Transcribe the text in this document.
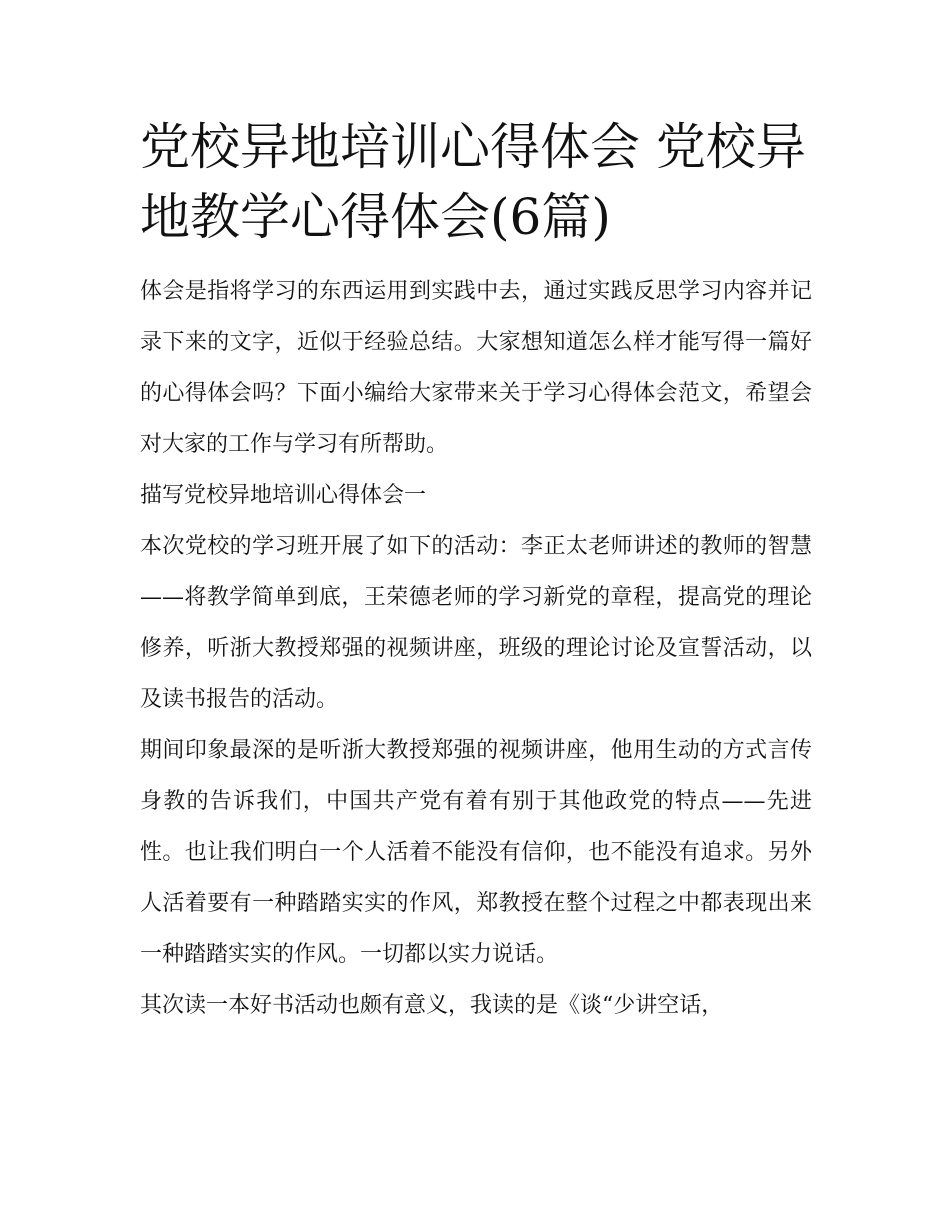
党校异地培训心得体会 党校异地教学心得体会(6篇)

体会是指将学习的东西运用到实践中去，通过实践反思学习内容并记录下来的文字，近似于经验总结。大家想知道怎么样才能写得一篇好的心得体会吗？下面小编给大家带来关于学习心得体会范文，希望会对大家的工作与学习有所帮助。

描写党校异地培训心得体会一

本次党校的学习班开展了如下的活动：李正太老师讲述的教师的智慧——将教学简单到底，王荣德老师的学习新党的章程，提高党的理论修养，听浙大教授郑强的视频讲座，班级的理论讨论及宣誓活动，以及读书报告的活动。

期间印象最深的是听浙大教授郑强的视频讲座，他用生动的方式言传身教的告诉我们，中国共产党有着有别于其他政党的特点——先进性。也让我们明白一个人活着不能没有信仰，也不能没有追求。另外人活着要有一种踏踏实实的作风，郑教授在整个过程之中都表现出来一种踏踏实实的作风。一切都以实力说话。

其次读一本好书活动也颇有意义，我读的是《谈“少讲空话，
